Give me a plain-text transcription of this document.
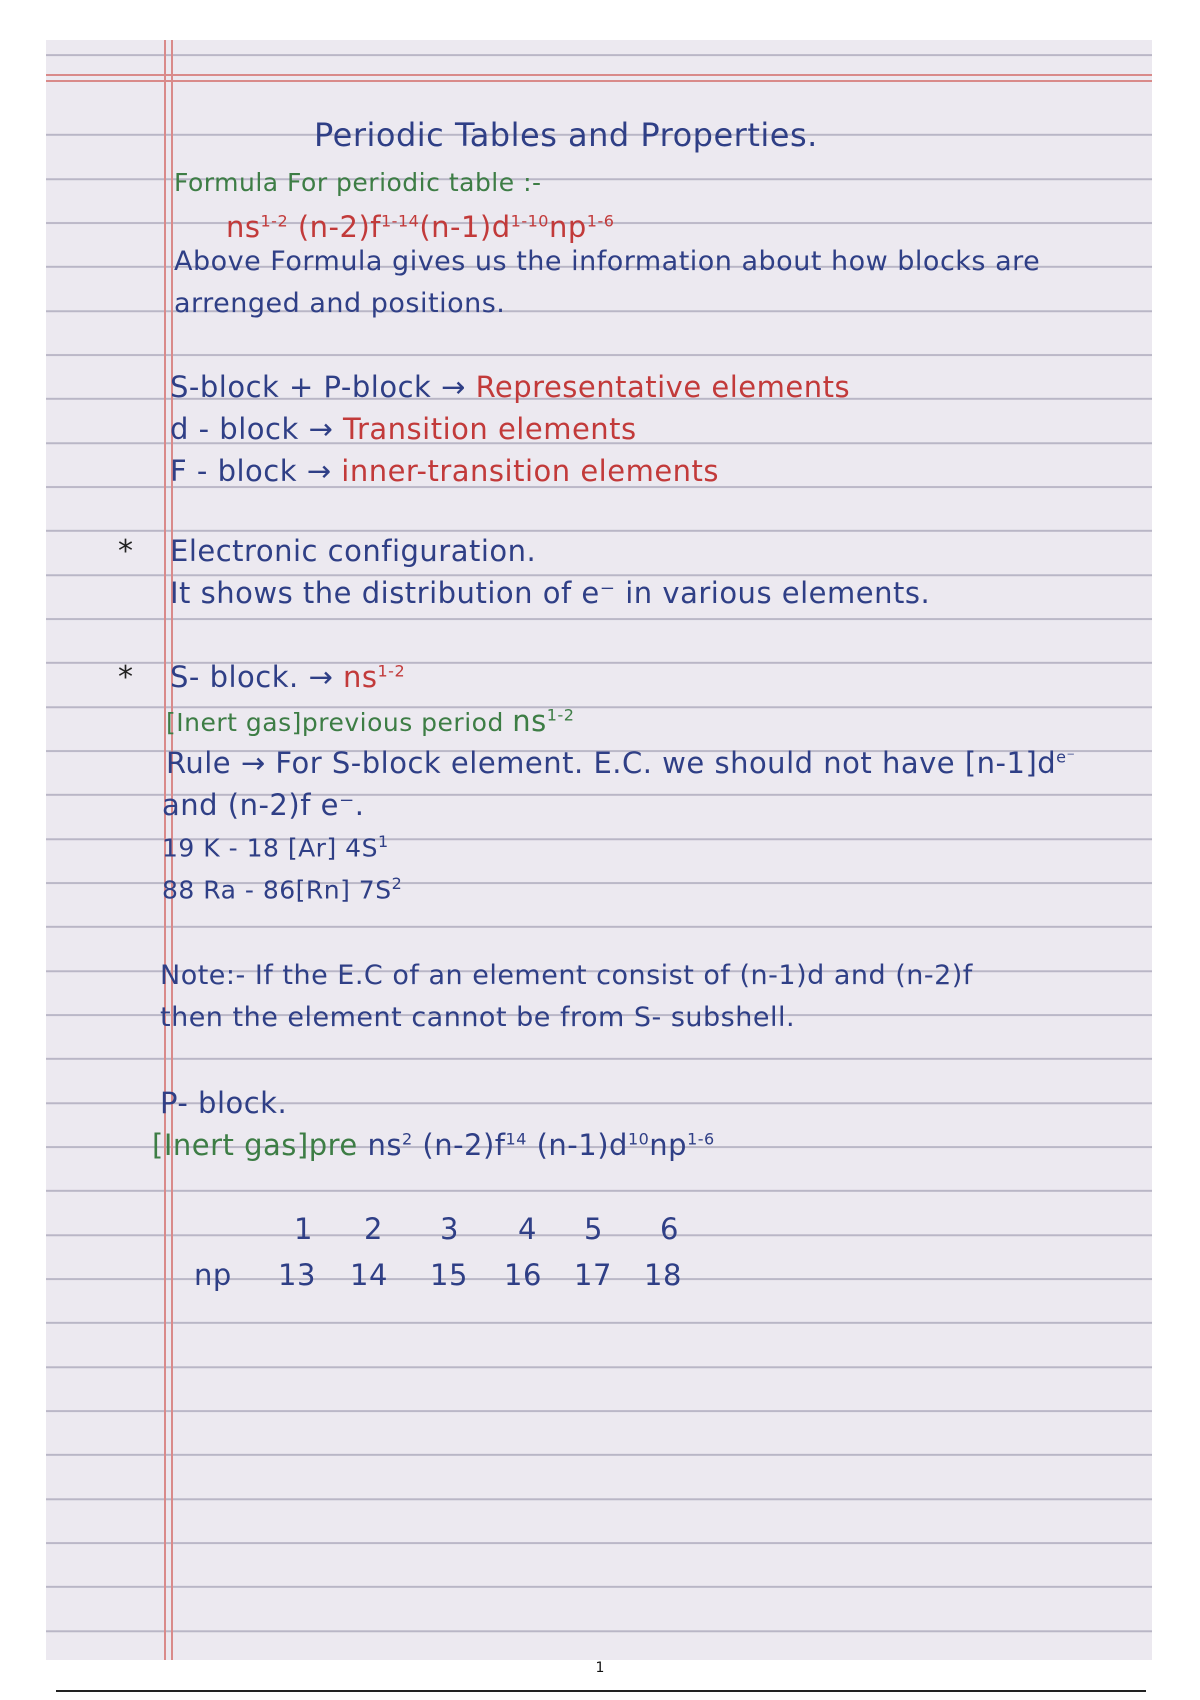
Periodic Tables and Properties.
Formula For periodic table :-
$ns^{1-2}$ $(n-2)f^{1-14}(n-1)d^{1-10}np^{1-6}$
Above Formula gives us the information about how blocks are
arrenged and positions.
S-block + P-block → Representative elements
d - block → Transition elements
F - block → inner-transition elements
* Electronic configuration.
It shows the distribution of e⁻ in various elements.
* S- block. → $ns^{1-2}$
[Inert gas]previous period $ns^{1-2}$
Rule → For S-block element. E.C. we should not have $[n-1]d^{e^-}$
and (n-2)f e⁻.
19 K - 18 [Ar] $4S^1$
88 Ra - 86[Rn] $7S^2$
Note:- If the E.C of an element consist of (n-1)d and (n-2)f
then the element cannot be from S- subshell.
P- block.
[Inert gas]pre $ns^2$ $(n-2)f^{14}$ $(n-1)d^{10}np^{1-6}$
1 2 3 4 5 6
np 13 14 15 16 17 18
1
